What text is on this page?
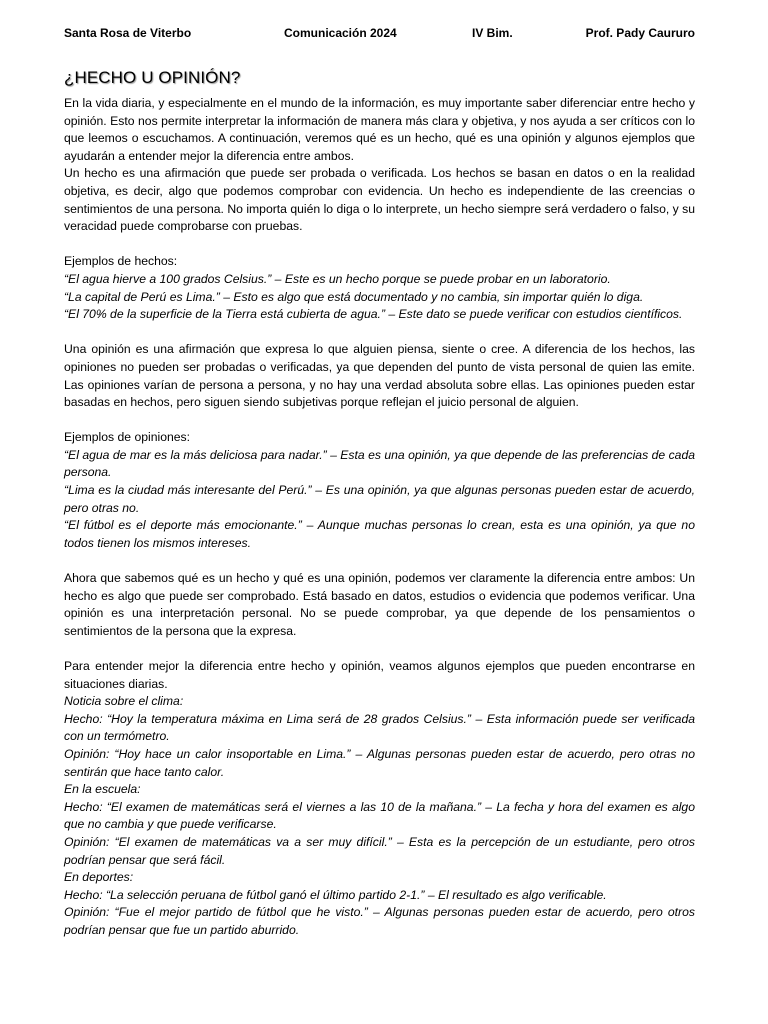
Santa Rosa de Viterbo	Comunicación 2024	IV Bim.	Prof. Pady Caururo
¿HECHO U OPINIÓN?

En la vida diaria, y especialmente en el mundo de la información, es muy importante saber diferenciar entre hecho y opinión. Esto nos permite interpretar la información de manera más clara y objetiva, y nos ayuda a ser críticos con lo que leemos o escuchamos. A continuación, veremos qué es un hecho, qué es una opinión y algunos ejemplos que ayudarán a entender mejor la diferencia entre ambos.

Un hecho es una afirmación que puede ser probada o verificada. Los hechos se basan en datos o en la realidad objetiva, es decir, algo que podemos comprobar con evidencia. Un hecho es independiente de las creencias o sentimientos de una persona. No importa quién lo diga o lo interprete, un hecho siempre será verdadero o falso, y su veracidad puede comprobarse con pruebas.

Ejemplos de hechos:

“El agua hierve a 100 grados Celsius.” – Este es un hecho porque se puede probar en un laboratorio.

“La capital de Perú es Lima.” – Esto es algo que está documentado y no cambia, sin importar quién lo diga.

“El 70% de la superficie de la Tierra está cubierta de agua.” – Este dato se puede verificar con estudios científicos.

Una opinión es una afirmación que expresa lo que alguien piensa, siente o cree. A diferencia de los hechos, las opiniones no pueden ser probadas o verificadas, ya que dependen del punto de vista personal de quien las emite. Las opiniones varían de persona a persona, y no hay una verdad absoluta sobre ellas. Las opiniones pueden estar basadas en hechos, pero siguen siendo subjetivas porque reflejan el juicio personal de alguien.

Ejemplos de opiniones:

“El agua de mar es la más deliciosa para nadar.” – Esta es una opinión, ya que depende de las preferencias de cada persona.

“Lima es la ciudad más interesante del Perú.” – Es una opinión, ya que algunas personas pueden estar de acuerdo, pero otras no.

“El fútbol es el deporte más emocionante.” – Aunque muchas personas lo crean, esta es una opinión, ya que no todos tienen los mismos intereses.

Ahora que sabemos qué es un hecho y qué es una opinión, podemos ver claramente la diferencia entre ambos: Un hecho es algo que puede ser comprobado. Está basado en datos, estudios o evidencia que podemos verificar. Una opinión es una interpretación personal. No se puede comprobar, ya que depende de los pensamientos o sentimientos de la persona que la expresa.

Para entender mejor la diferencia entre hecho y opinión, veamos algunos ejemplos que pueden encontrarse en situaciones diarias.

Noticia sobre el clima:

Hecho: “Hoy la temperatura máxima en Lima será de 28 grados Celsius.” – Esta información puede ser verificada con un termómetro.

Opinión: “Hoy hace un calor insoportable en Lima.” – Algunas personas pueden estar de acuerdo, pero otras no sentirán que hace tanto calor.

En la escuela:

Hecho: “El examen de matemáticas será el viernes a las 10 de la mañana.” – La fecha y hora del examen es algo que no cambia y que puede verificarse.

Opinión: “El examen de matemáticas va a ser muy difícil.” – Esta es la percepción de un estudiante, pero otros podrían pensar que será fácil.

En deportes:

Hecho: “La selección peruana de fútbol ganó el último partido 2-1.” – El resultado es algo verificable.

Opinión: “Fue el mejor partido de fútbol que he visto.” – Algunas personas pueden estar de acuerdo, pero otros podrían pensar que fue un partido aburrido.
